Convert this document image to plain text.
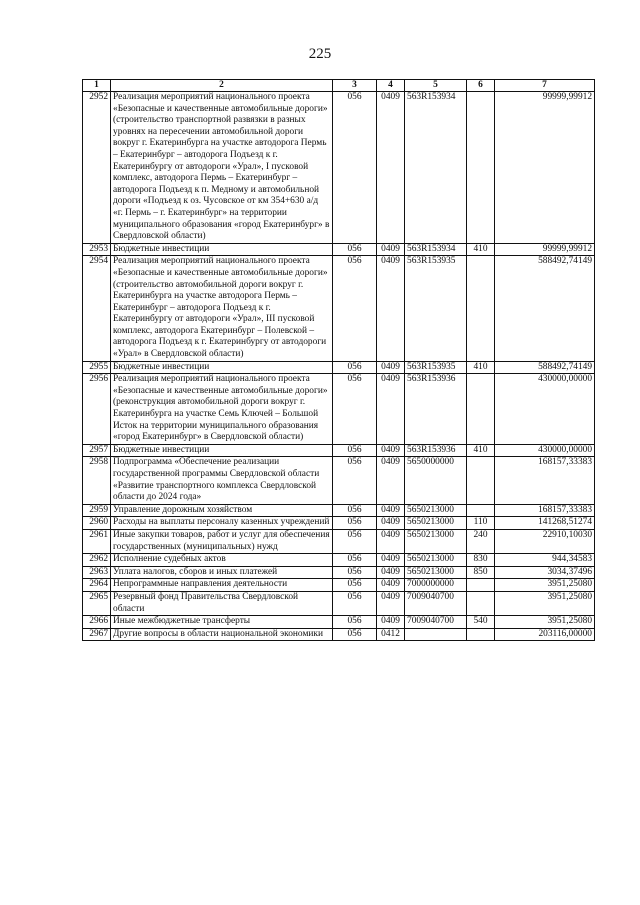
225
1	2	3	4	5	6	7
2952	Реализация мероприятий национального проекта «Безопасные и качественные автомобильные дороги» (строительство транспортной развязки в разных уровнях на пересечении автомобильной дороги вокруг г. Екатеринбурга на участке автодорога Пермь – Екатеринбург – автодорога Подъезд к г. Екатеринбургу от автодороги «Урал», I пусковой комплекс, автодорога Пермь – Екатеринбург – автодорога Подъезд к п. Медному и автомобильной дороги «Подъезд к оз. Чусовское от км 354+630 а/д «г. Пермь – г. Екатеринбург» на территории муниципального образования «город Екатеринбург» в Свердловской области)	056	0409	563R153934		99999,99912
2953	Бюджетные инвестиции	056	0409	563R153934	410	99999,99912
2954	Реализация мероприятий национального проекта «Безопасные и качественные автомобильные дороги» (строительство автомобильной дороги вокруг г. Екатеринбурга на участке автодорога Пермь – Екатеринбург – автодорога Подъезд к г. Екатеринбургу от автодороги «Урал», III пусковой комплекс, автодорога Екатеринбург – Полевской – автодорога Подъезд к г. Екатеринбургу от автодороги «Урал» в Свердловской области)	056	0409	563R153935		588492,74149
2955	Бюджетные инвестиции	056	0409	563R153935	410	588492,74149
2956	Реализация мероприятий национального проекта «Безопасные и качественные автомобильные дороги» (реконструкция автомобильной дороги вокруг г. Екатеринбурга на участке Семь Ключей – Большой Исток на территории муниципального образования «город Екатеринбург» в Свердловской области)	056	0409	563R153936		430000,00000
2957	Бюджетные инвестиции	056	0409	563R153936	410	430000,00000
2958	Подпрограмма «Обеспечение реализации государственной программы Свердловской области «Развитие транспортного комплекса Свердловской области до 2024 года»	056	0409	5650000000		168157,33383
2959	Управление дорожным хозяйством	056	0409	5650213000		168157,33383
2960	Расходы на выплаты персоналу казенных учреждений	056	0409	5650213000	110	141268,51274
2961	Иные закупки товаров, работ и услуг для обеспечения государственных (муниципальных) нужд	056	0409	5650213000	240	22910,10030
2962	Исполнение судебных актов	056	0409	5650213000	830	944,34583
2963	Уплата налогов, сборов и иных платежей	056	0409	5650213000	850	3034,37496
2964	Непрограммные направления деятельности	056	0409	7000000000		3951,25080
2965	Резервный фонд Правительства Свердловской области	056	0409	7009040700		3951,25080
2966	Иные межбюджетные трансферты	056	0409	7009040700	540	3951,25080
2967	Другие вопросы в области национальной экономики	056	0412			203116,00000
